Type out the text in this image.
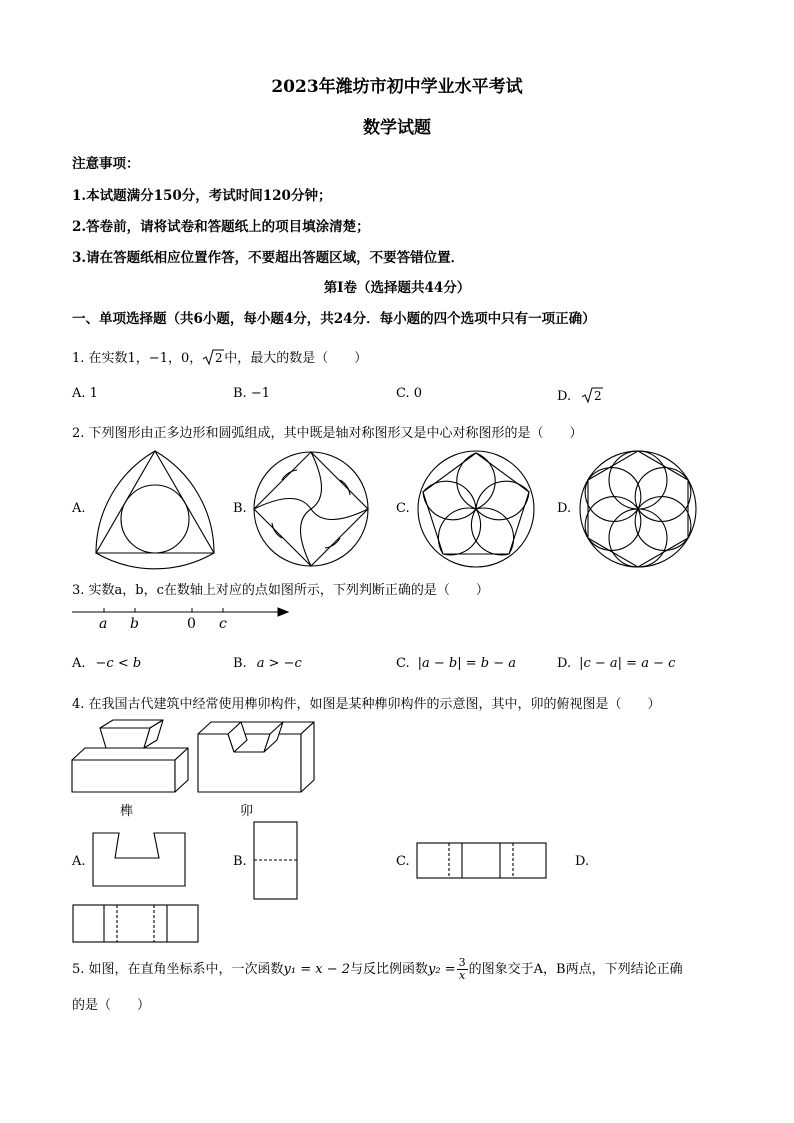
2023年潍坊市初中学业水平考试
数学试题
注意事项：
1.本试题满分150分，考试时间120分钟；
2.答卷前，请将试卷和答题纸上的项目填涂清楚；
3.请在答题纸相应位置作答，不要超出答题区域，不要答错位置．
第I卷（选择题共44分）
一、单项选择题（共6小题，每小题4分，共24分．每小题的四个选项中只有一项正确）
1. 在实数1，−1，0， 2 中，最大的数是（　　）
A. 1	B. −1	C. 0	D. 2
2. 下列图形由正多边形和圆弧组成，其中既是轴对称图形又是中心对称图形的是（　　）
A.	B.	C.	D.
3. 实数a，b，c在数轴上对应的点如图所示，下列判断正确的是（　　）
a b	0 c
A. −c < b	B. a > −c	C. |a − b| = b − a	D. |c − a| = a − c
4. 在我国古代建筑中经常使用榫卯构件，如图是某种榫卯构件的示意图，其中，卯的俯视图是（　　）
榫	卯
A.	B.	C.	D.
5. 如图，在直角坐标系中，一次函数y₁ = x − 2与反比例函数$y_2 = \frac{3}{x}$ 的图象交于A，B两点，下列结论正确
的是（　　）
